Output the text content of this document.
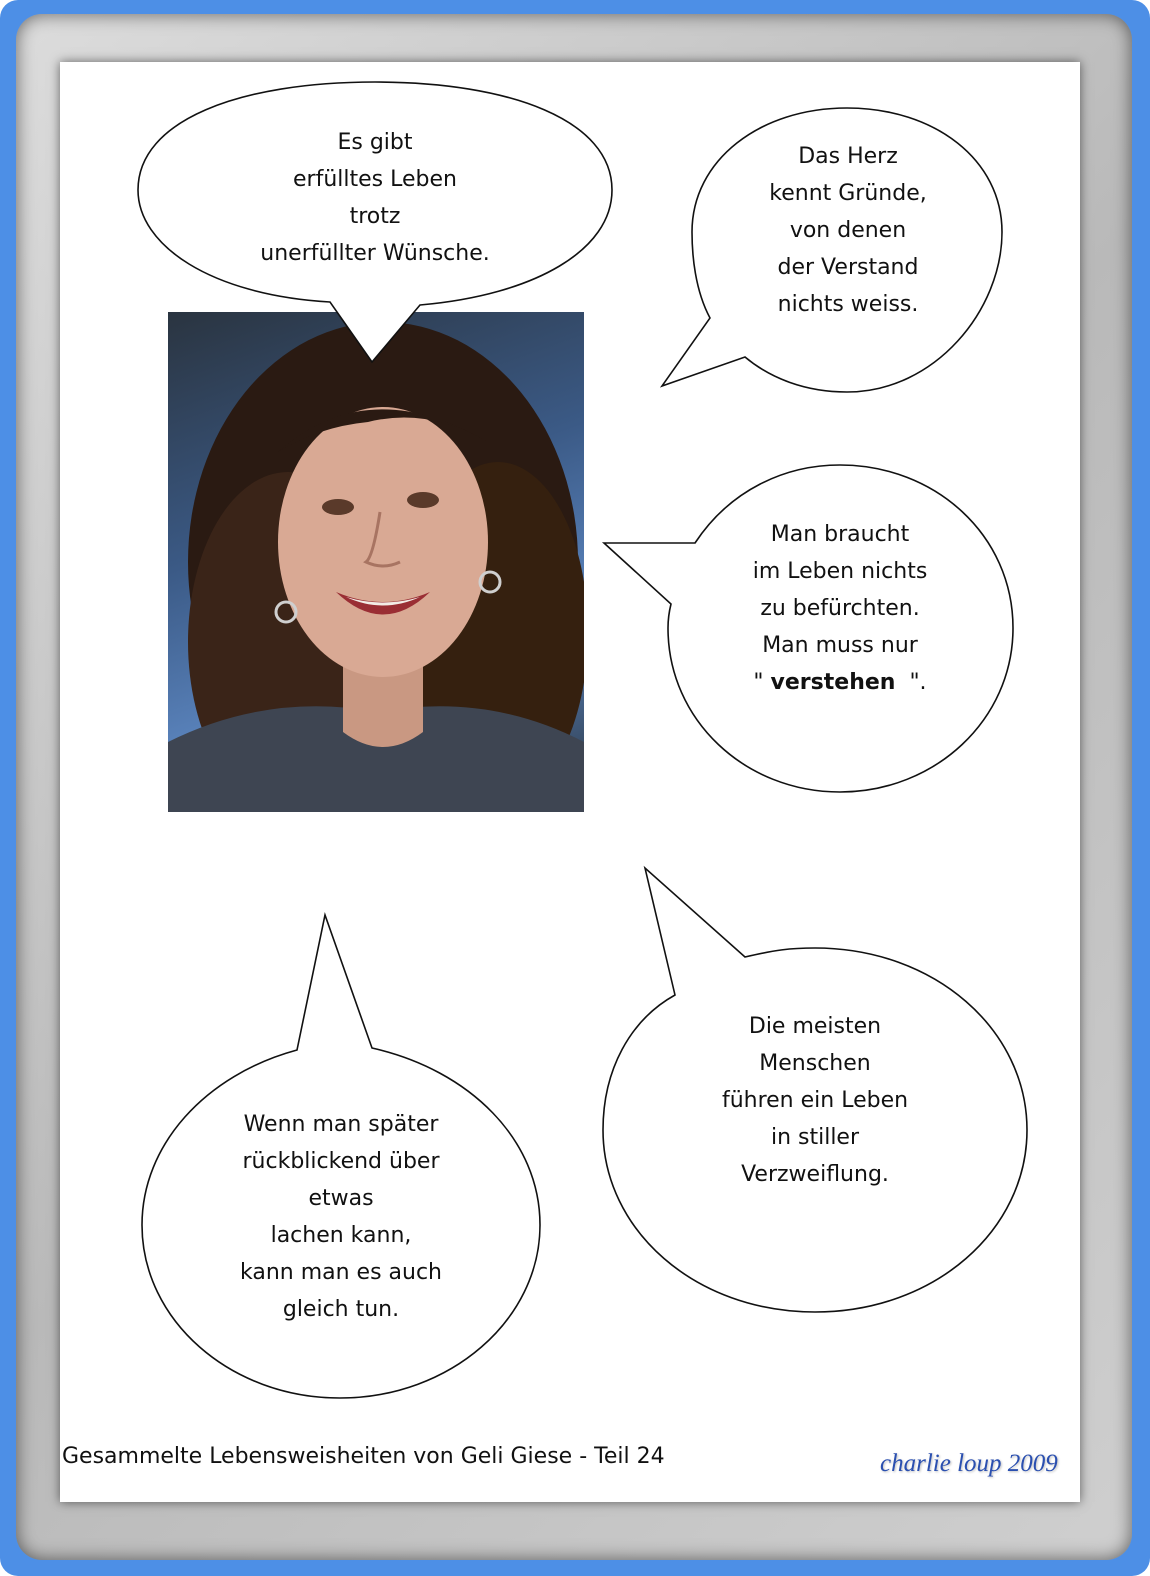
Es gibt
erfülltes Leben
trotz
unerfüllter Wünsche.
Das Herz
kennt Gründe,
von denen
der Verstand
nichts weiss.
Man braucht
im Leben nichts
zu befürchten.
Man muss nur
" verstehen ".
Wenn man später
rückblickend über
etwas
lachen kann,
kann man es auch
gleich tun.
Die meisten
Menschen
führen ein Leben
in stiller
Verzweiflung.
Gesammelte Lebensweisheiten von Geli Giese - Teil 24	charlie loup 2009
